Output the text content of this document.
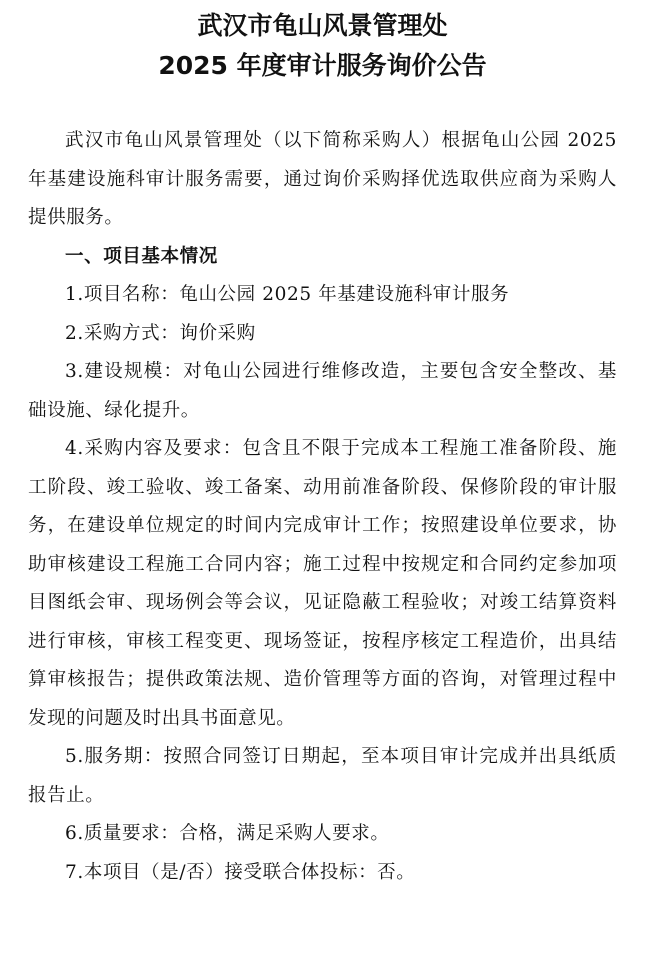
武汉市龟山风景管理处
2025 年度审计服务询价公告

武汉市龟山风景管理处（以下简称采购人）根据龟山公园 2025 年基建设施科审计服务需要，通过询价采购择优选取供应商为采购人提供服务。

一、项目基本情况

1.项目名称：龟山公园 2025 年基建设施科审计服务

2.采购方式：询价采购

3.建设规模：对龟山公园进行维修改造，主要包含安全整改、基础设施、绿化提升。

4.采购内容及要求：包含且不限于完成本工程施工准备阶段、施工阶段、竣工验收、竣工备案、动用前准备阶段、保修阶段的审计服务，在建设单位规定的时间内完成审计工作；按照建设单位要求，协助审核建设工程施工合同内容；施工过程中按规定和合同约定参加项目图纸会审、现场例会等会议，见证隐蔽工程验收；对竣工结算资料进行审核，审核工程变更、现场签证，按程序核定工程造价，出具结算审核报告；提供政策法规、造价管理等方面的咨询，对管理过程中发现的问题及时出具书面意见。

5.服务期：按照合同签订日期起，至本项目审计完成并出具纸质报告止。

6.质量要求：合格，满足采购人要求。

7.本项目（是/否）接受联合体投标：否。
